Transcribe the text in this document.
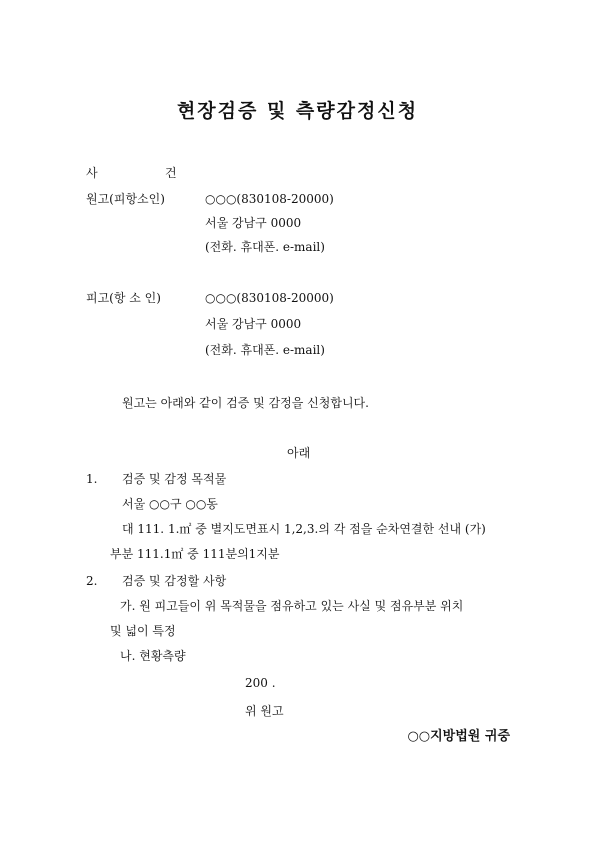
현장검증 및 측량감정신청
사	건
원고(피항소인)	○○○(830108-20000)
서울 강남구 0000
(전화. 휴대폰. e-mail)
피고(항 소 인)	○○○(830108-20000)
서울 강남구 0000
(전화. 휴대폰. e-mail)
원고는 아래와 같이 검증 및 감정을 신청합니다.
아래
1. 검증 및 감정 목적물
서울 ○○구 ○○동
대 111. 1.㎡ 중 별지도면표시 1,2,3.의 각 점을 순차연결한 선내 (가)
부분 111.1㎡ 중 111분의1지분
2. 검증 및 감정할 사항
가. 원 피고들이 위 목적물을 점유하고 있는 사실 및 점유부분 위치
및 넓이 특정
나. 현황측량
200 .
위 원고
○○지방법원 귀중
